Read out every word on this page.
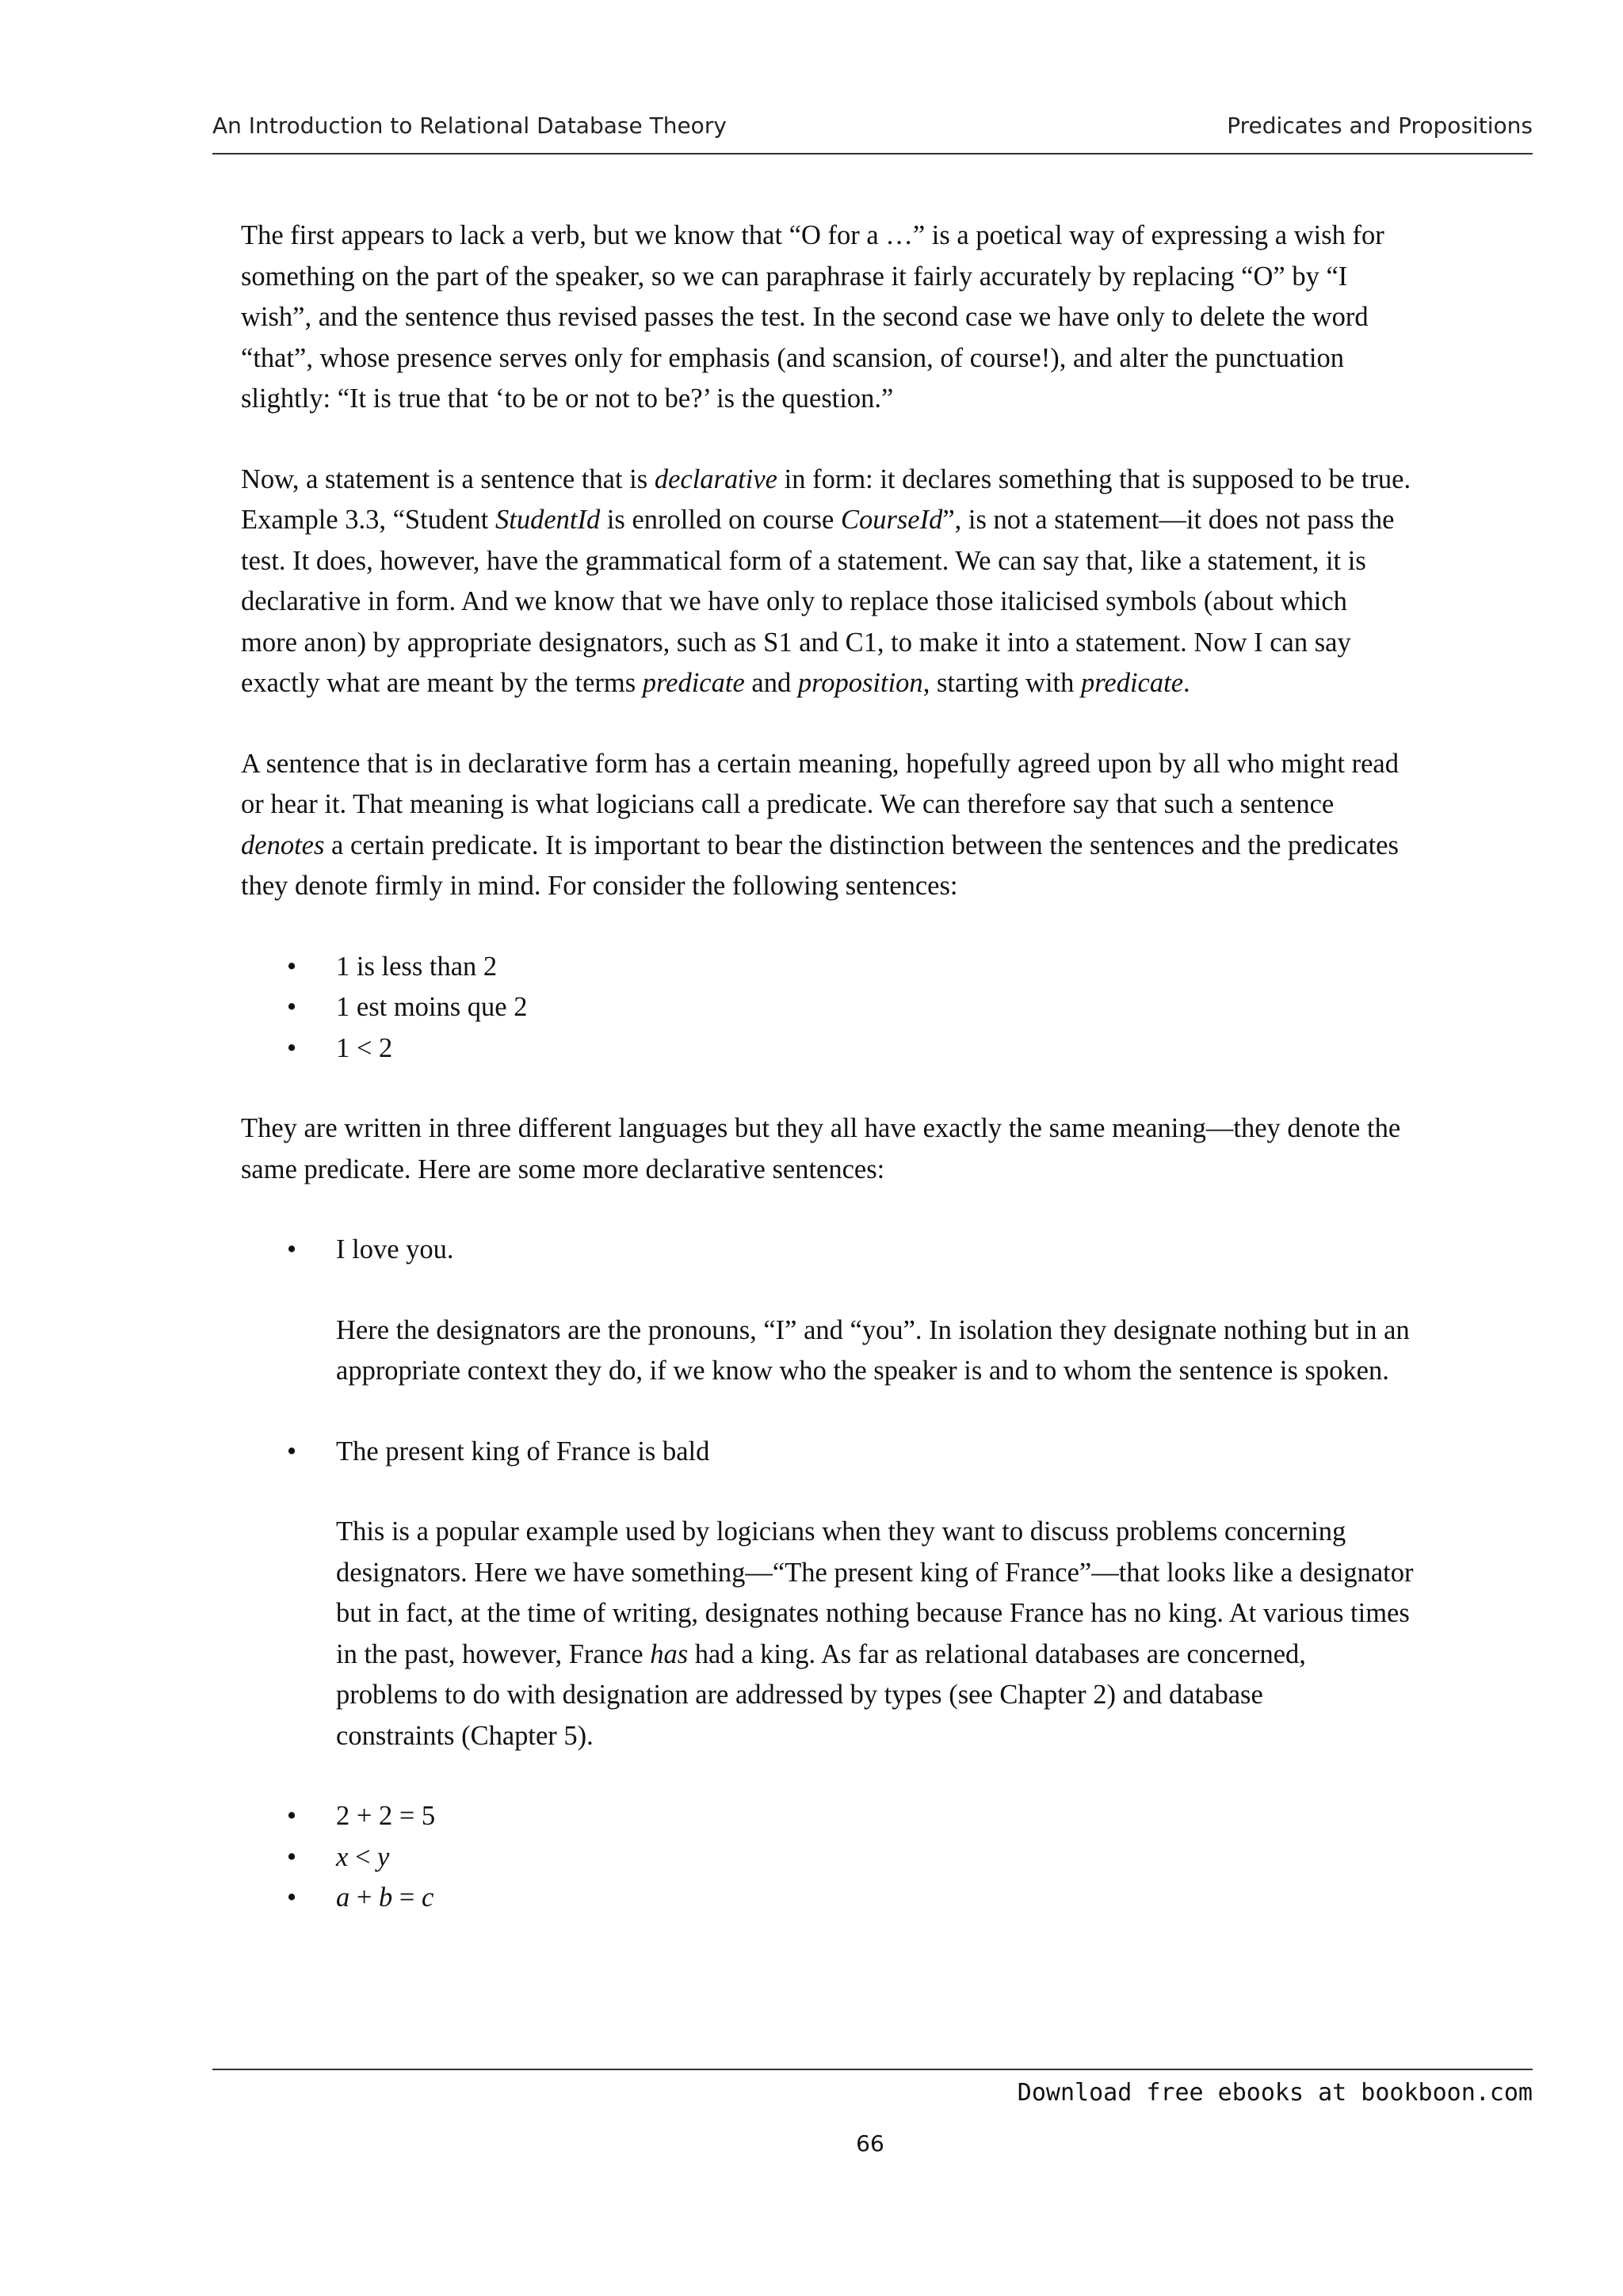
An Introduction to Relational Database Theory	Predicates and Propositions

The first appears to lack a verb, but we know that “O for a …” is a poetical way of expressing a wish for
something on the part of the speaker, so we can paraphrase it fairly accurately by replacing “O” by “I
wish”, and the sentence thus revised passes the test. In the second case we have only to delete the word
“that”, whose presence serves only for emphasis (and scansion, of course!), and alter the punctuation
slightly: “It is true that ‘to be or not to be?’ is the question.”

Now, a statement is a sentence that is declarative in form: it declares something that is supposed to be true.
Example 3.3, “Student StudentId is enrolled on course CourseId”, is not a statement—it does not pass the
test. It does, however, have the grammatical form of a statement. We can say that, like a statement, it is
declarative in form. And we know that we have only to replace those italicised symbols (about which
more anon) by appropriate designators, such as S1 and C1, to make it into a statement. Now I can say
exactly what are meant by the terms predicate and proposition, starting with predicate.

A sentence that is in declarative form has a certain meaning, hopefully agreed upon by all who might read
or hear it. That meaning is what logicians call a predicate. We can therefore say that such a sentence
denotes a certain predicate. It is important to bear the distinction between the sentences and the predicates
they denote firmly in mind. For consider the following sentences:

• 1 is less than 2
• 1 est moins que 2
• 1 < 2

They are written in three different languages but they all have exactly the same meaning—they denote the
same predicate. Here are some more declarative sentences:

• I love you.

Here the designators are the pronouns, “I” and “you”. In isolation they designate nothing but in an
appropriate context they do, if we know who the speaker is and to whom the sentence is spoken.

• The present king of France is bald

This is a popular example used by logicians when they want to discuss problems concerning
designators. Here we have something—“The present king of France”—that looks like a designator
but in fact, at the time of writing, designates nothing because France has no king. At various times
in the past, however, France has had a king. As far as relational databases are concerned,
problems to do with designation are addressed by types (see Chapter 2) and database
constraints (Chapter 5).

• 2 + 2 = 5
• x < y
• a + b = c
Download free ebooks at bookboon.com
66
